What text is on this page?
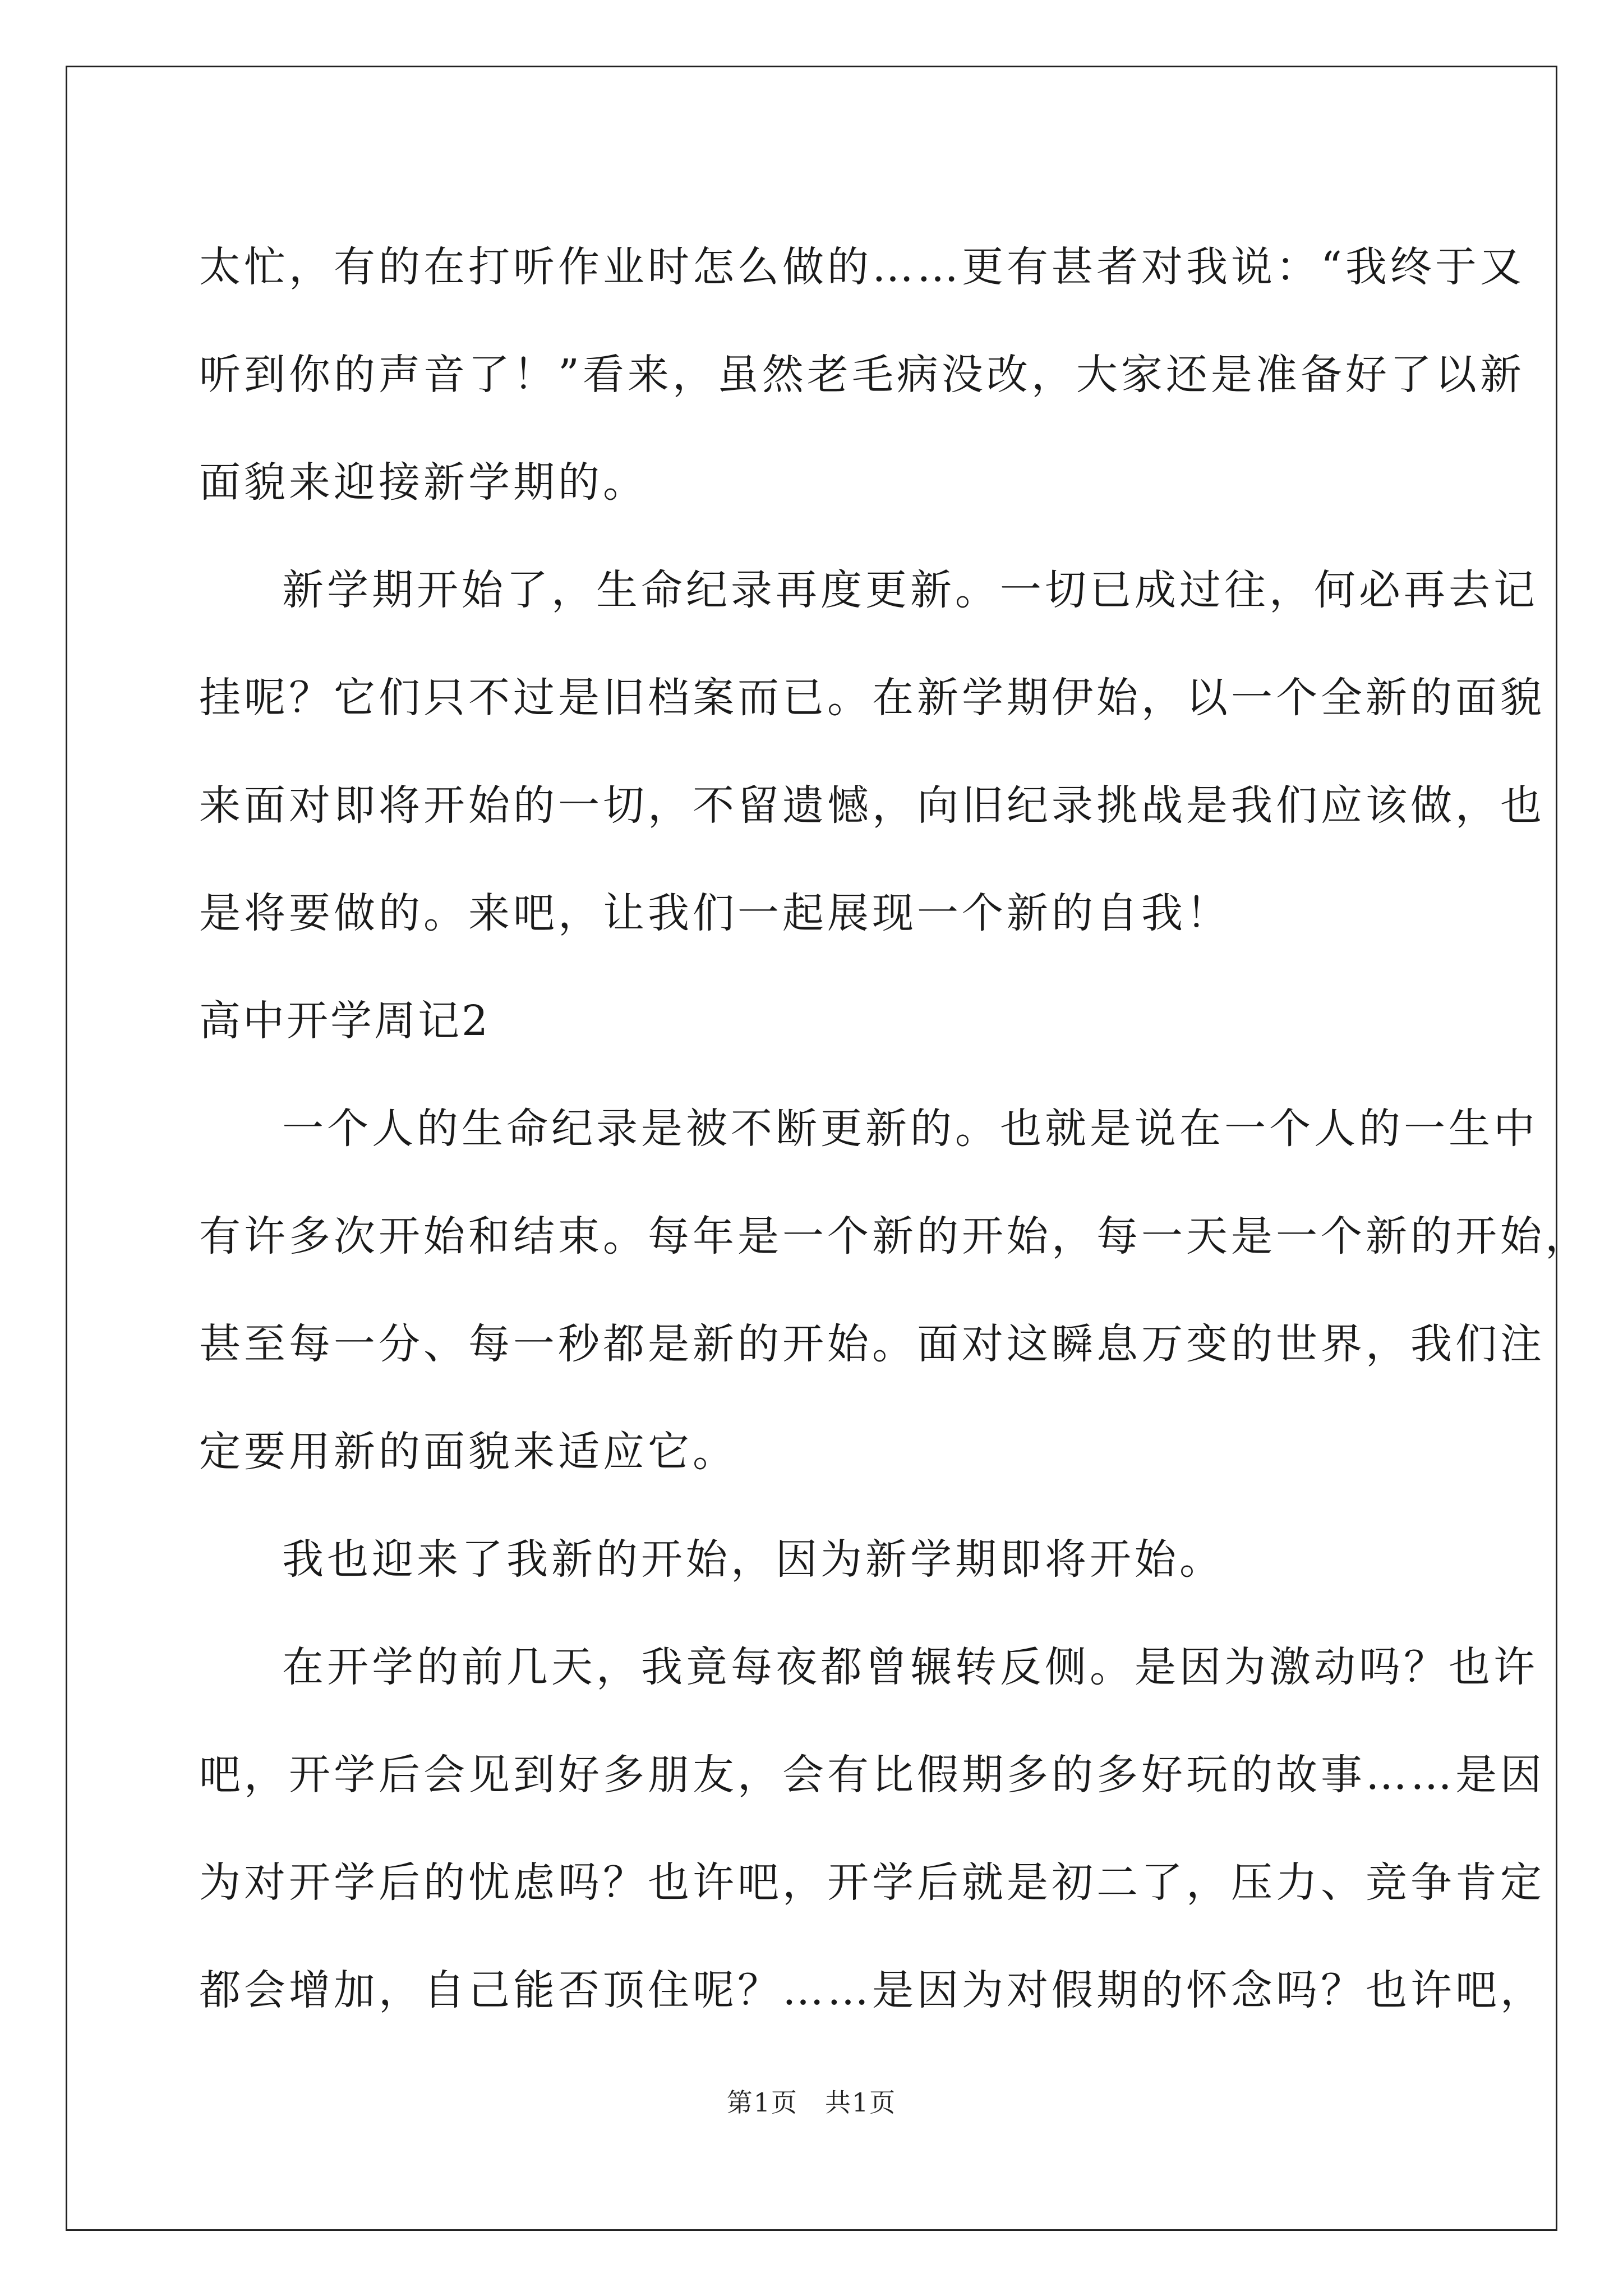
太忙，有的在打听作业时怎么做的……更有甚者对我说：“我终于又
听到你的声音了！”看来，虽然老毛病没改，大家还是准备好了以新
面貌来迎接新学期的。
新学期开始了，生命纪录再度更新。一切已成过往，何必再去记
挂呢？它们只不过是旧档案而已。在新学期伊始，以一个全新的面貌
来面对即将开始的一切，不留遗憾，向旧纪录挑战是我们应该做，也
是将要做的。来吧，让我们一起展现一个新的自我！
高中开学周记2
一个人的生命纪录是被不断更新的。也就是说在一个人的一生中
有许多次开始和结束。每年是一个新的开始，每一天是一个新的开始，
甚至每一分、每一秒都是新的开始。面对这瞬息万变的世界，我们注
定要用新的面貌来适应它。
我也迎来了我新的开始，因为新学期即将开始。
在开学的前几天，我竟每夜都曾辗转反侧。是因为激动吗？也许
吧，开学后会见到好多朋友，会有比假期多的多好玩的故事……是因
为对开学后的忧虑吗？也许吧，开学后就是初二了，压力、竞争肯定
都会增加，自己能否顶住呢？……是因为对假期的怀念吗？也许吧，
第1页　共1页
